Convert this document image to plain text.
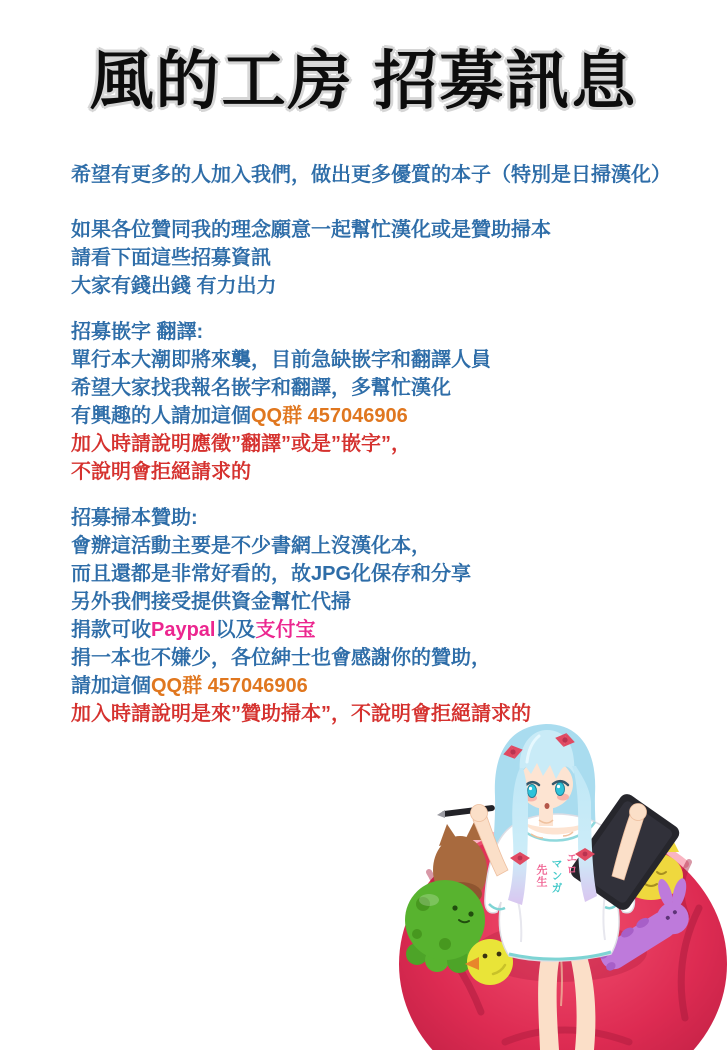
風的工房 招募訊息

希望有更多的人加入我們，做出更多優質的本子（特別是日掃漢化）

如果各位贊同我的理念願意一起幫忙漢化或是贊助掃本
請看下面這些招募資訊
大家有錢出錢 有力出力

招募嵌字 翻譯:
單行本大潮即將來襲，目前急缺嵌字和翻譯人員
希望大家找我報名嵌字和翻譯，多幫忙漢化
有興趣的人請加這個QQ群 457046906
加入時請說明應徵”翻譯”或是”嵌字”，
不說明會拒絕請求的

招募掃本贊助:
會辦這活動主要是不少書網上沒漢化本，
而且還都是非常好看的，故JPG化保存和分享
另外我們接受提供資金幫忙代掃
捐款可收Paypal以及支付宝
捐一本也不嫌少，各位紳士也會感謝你的贊助，
請加這個QQ群 457046906
加入時請說明是來”贊助掃本”，不說明會拒絕請求的

エロ
マンガ
先生
